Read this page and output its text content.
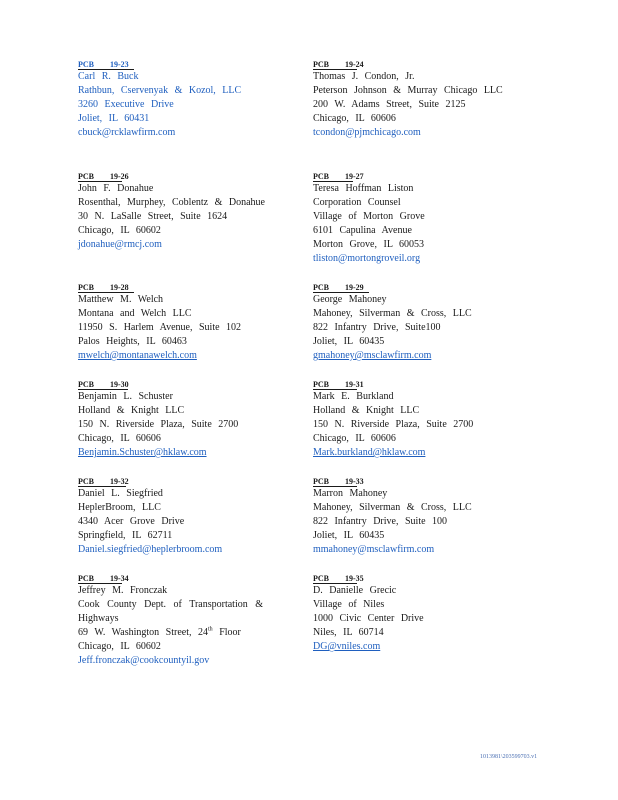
PCB 19-23
Carl R. Buck
Rathbun, Cservenyak & Kozol, LLC
3260 Executive Drive
Joliet, IL 60431
cbuck@rcklawfirm.com
PCB 19-24
Thomas J. Condon, Jr.
Peterson Johnson & Murray Chicago LLC
200 W. Adams Street, Suite 2125
Chicago, IL 60606
tcondon@pjmchicago.com
PCB 19-26
John F. Donahue
Rosenthal, Murphey, Coblentz & Donahue
30 N. LaSalle Street, Suite 1624
Chicago, IL 60602
jdonahue@rmcj.com
PCB 19-27
Teresa Hoffman Liston
Corporation Counsel
Village of Morton Grove
6101 Capulina Avenue
Morton Grove, IL 60053
tliston@mortongroveil.org
PCB 19-28
Matthew M. Welch
Montana and Welch LLC
11950 S. Harlem Avenue, Suite 102
Palos Heights, IL 60463
mwelch@montanawelch.com
PCB 19-29
George Mahoney
Mahoney, Silverman & Cross, LLC
822 Infantry Drive, Suite100
Joliet, IL 60435
gmahoney@msclawfirm.com
PCB 19-30
Benjamin L. Schuster
Holland & Knight LLC
150 N. Riverside Plaza, Suite 2700
Chicago, IL 60606
Benjamin.Schuster@hklaw.com
PCB 19-31
Mark E. Burkland
Holland & Knight LLC
150 N. Riverside Plaza, Suite 2700
Chicago, IL 60606
Mark.burkland@hklaw.com
PCB 19-32
Daniel L. Siegfried
HeplerBroom, LLC
4340 Acer Grove Drive
Springfield, IL 62711
Daniel.siegfried@heplerbroom.com
PCB 19-33
Marron Mahoney
Mahoney, Silverman & Cross, LLC
822 Infantry Drive, Suite 100
Joliet, IL 60435
mmahoney@msclawfirm.com
PCB 19-34
Jeffrey M. Fronczak
Cook County Dept. of Transportation & Highways
69 W. Washington Street, 24th Floor
Chicago, IL 60602
Jeff.fronczak@cookcountyil.gov
PCB 19-35
D. Danielle Grecic
Village of Niles
1000 Civic Center Drive
Niles, IL 60714
DG@vniles.com
1013981\203599703.v1
